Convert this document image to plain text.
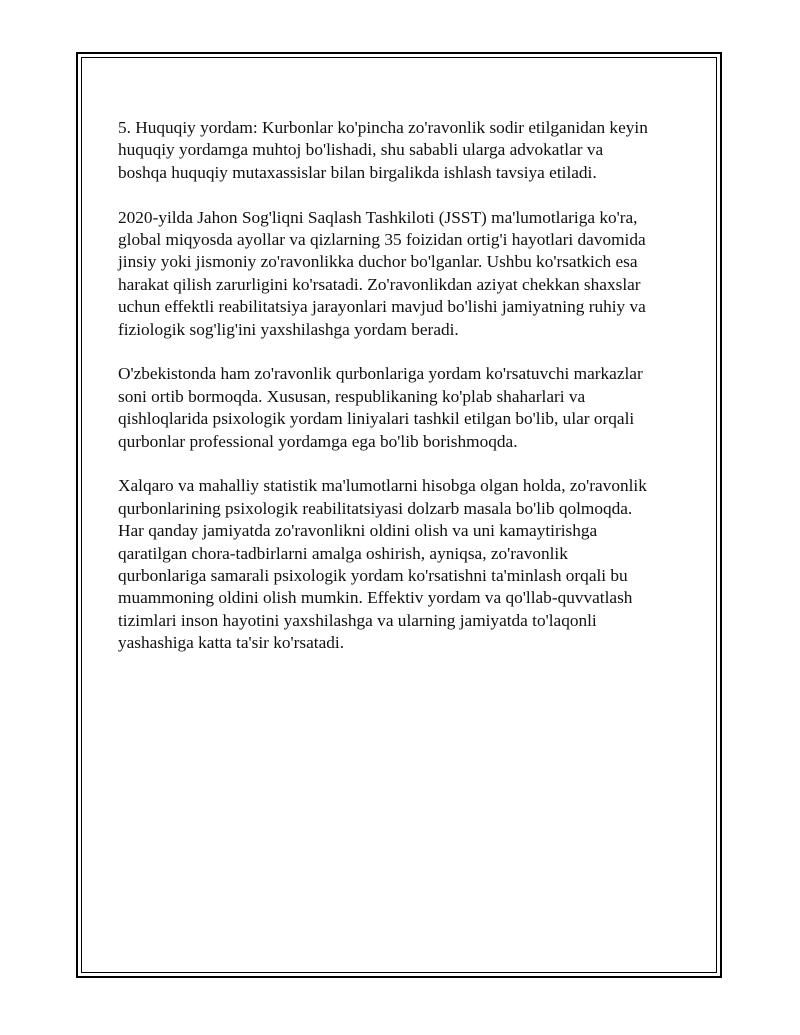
5. Huquqiy yordam: Kurbonlar ko'pincha zo'ravonlik sodir etilganidan keyin
huquqiy yordamga muhtoj bo'lishadi, shu sababli ularga advokatlar va
boshqa huquqiy mutaxassislar bilan birgalikda ishlash tavsiya etiladi.

2020-yilda Jahon Sog'liqni Saqlash Tashkiloti (JSST) ma'lumotlariga ko'ra,
global miqyosda ayollar va qizlarning 35 foizidan ortig'i hayotlari davomida
jinsiy yoki jismoniy zo'ravonlikka duchor bo'lganlar. Ushbu ko'rsatkich esa
harakat qilish zarurligini ko'rsatadi. Zo'ravonlikdan aziyat chekkan shaxslar
uchun effektli reabilitatsiya jarayonlari mavjud bo'lishi jamiyatning ruhiy va
fiziologik sog'lig'ini yaxshilashga yordam beradi.

O'zbekistonda ham zo'ravonlik qurbonlariga yordam ko'rsatuvchi markazlar
soni ortib bormoqda. Xususan, respublikaning ko'plab shaharlari va
qishloqlarida psixologik yordam liniyalari tashkil etilgan bo'lib, ular orqali
qurbonlar professional yordamga ega bo'lib borishmoqda.

Xalqaro va mahalliy statistik ma'lumotlarni hisobga olgan holda, zo'ravonlik
qurbonlarining psixologik reabilitatsiyasi dolzarb masala bo'lib qolmoqda.
Har qanday jamiyatda zo'ravonlikni oldini olish va uni kamaytirishga
qaratilgan chora-tadbirlarni amalga oshirish, ayniqsa, zo'ravonlik
qurbonlariga samarali psixologik yordam ko'rsatishni ta'minlash orqali bu
muammoning oldini olish mumkin. Effektiv yordam va qo'llab-quvvatlash
tizimlari inson hayotini yaxshilashga va ularning jamiyatda to'laqonli
yashashiga katta ta'sir ko'rsatadi.
